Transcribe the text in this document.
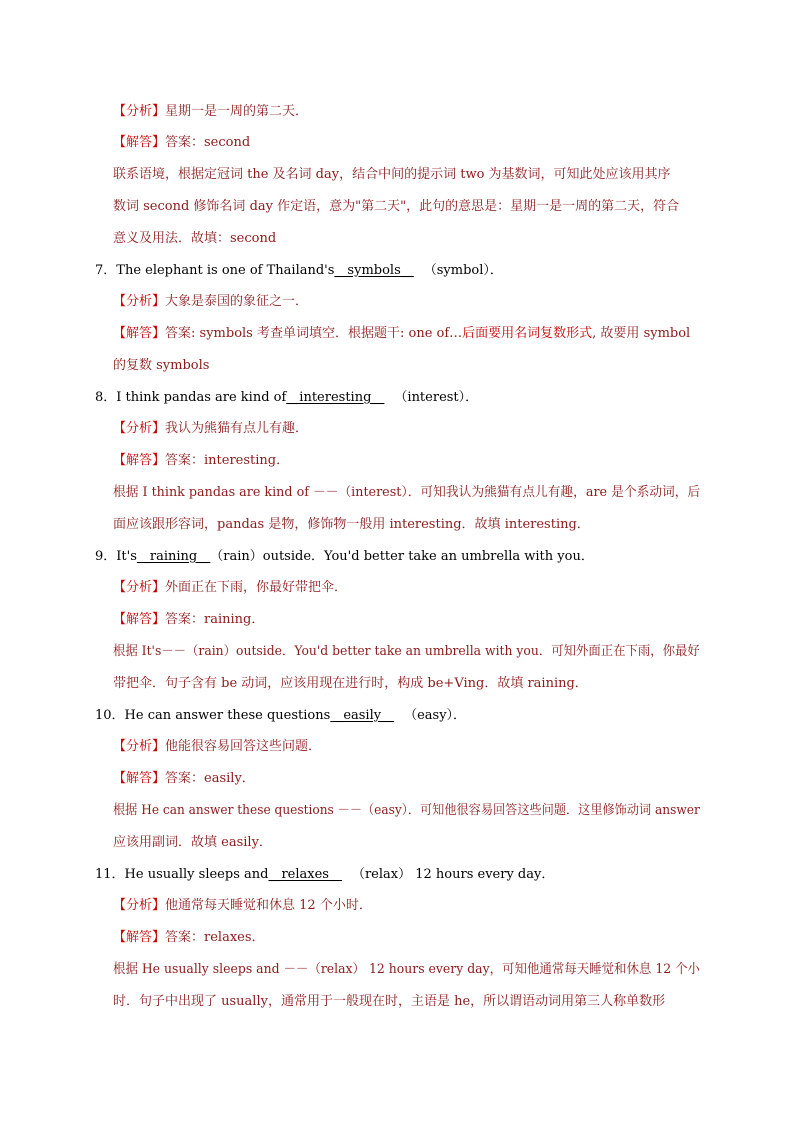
【分析】星期一是一周的第二天．
【解答】答案：second
联系语境，根据定冠词 the 及名词 day，结合中间的提示词 two 为基数词，可知此处应该用其序
数词 second 修饰名词 day 作定语，意为"第二天"，此句的意思是：星期一是一周的第二天，符合
意义及用法．故填：second
7．The elephant is one of Thailand's__symbols__ （symbol）．
【分析】大象是泰国的象征之一．
【解答】答案: symbols 考查单词填空．根据题干: one of…后面要用名词复数形式, 故要用 symbol
的复数 symbols
8．I think pandas are kind of__interesting__ （interest）．
【分析】我认为熊猫有点儿有趣．
【解答】答案：interesting．
根据 I think pandas are kind of －－（interest）．可知我认为熊猫有点儿有趣，are 是个系动词，后
面应该跟形容词，pandas 是物，修饰物一般用 interesting．故填 interesting．
9．It's__raining__（rain）outside．You'd better take an umbrella with you．
【分析】外面正在下雨，你最好带把伞．
【解答】答案：raining．
根据 It's－－（rain）outside．You'd better take an umbrella with you．可知外面正在下雨，你最好
带把伞．句子含有 be 动词，应该用现在进行时，构成 be+Ving．故填 raining．
10．He can answer these questions__easily__ （easy）．
【分析】他能很容易回答这些问题．
【解答】答案：easily．
根据 He can answer these questions －－（easy）．可知他很容易回答这些问题．这里修饰动词 answer
应该用副词．故填 easily．
11．He usually sleeps and__relaxes__ （relax） 12 hours every day．
【分析】他通常每天睡觉和休息 12 个小时．
【解答】答案：relaxes．
根据 He usually sleeps and －－（relax） 12 hours every day，可知他通常每天睡觉和休息 12 个小
时．句子中出现了 usually，通常用于一般现在时，主语是 he，所以谓语动词用第三人称单数形
